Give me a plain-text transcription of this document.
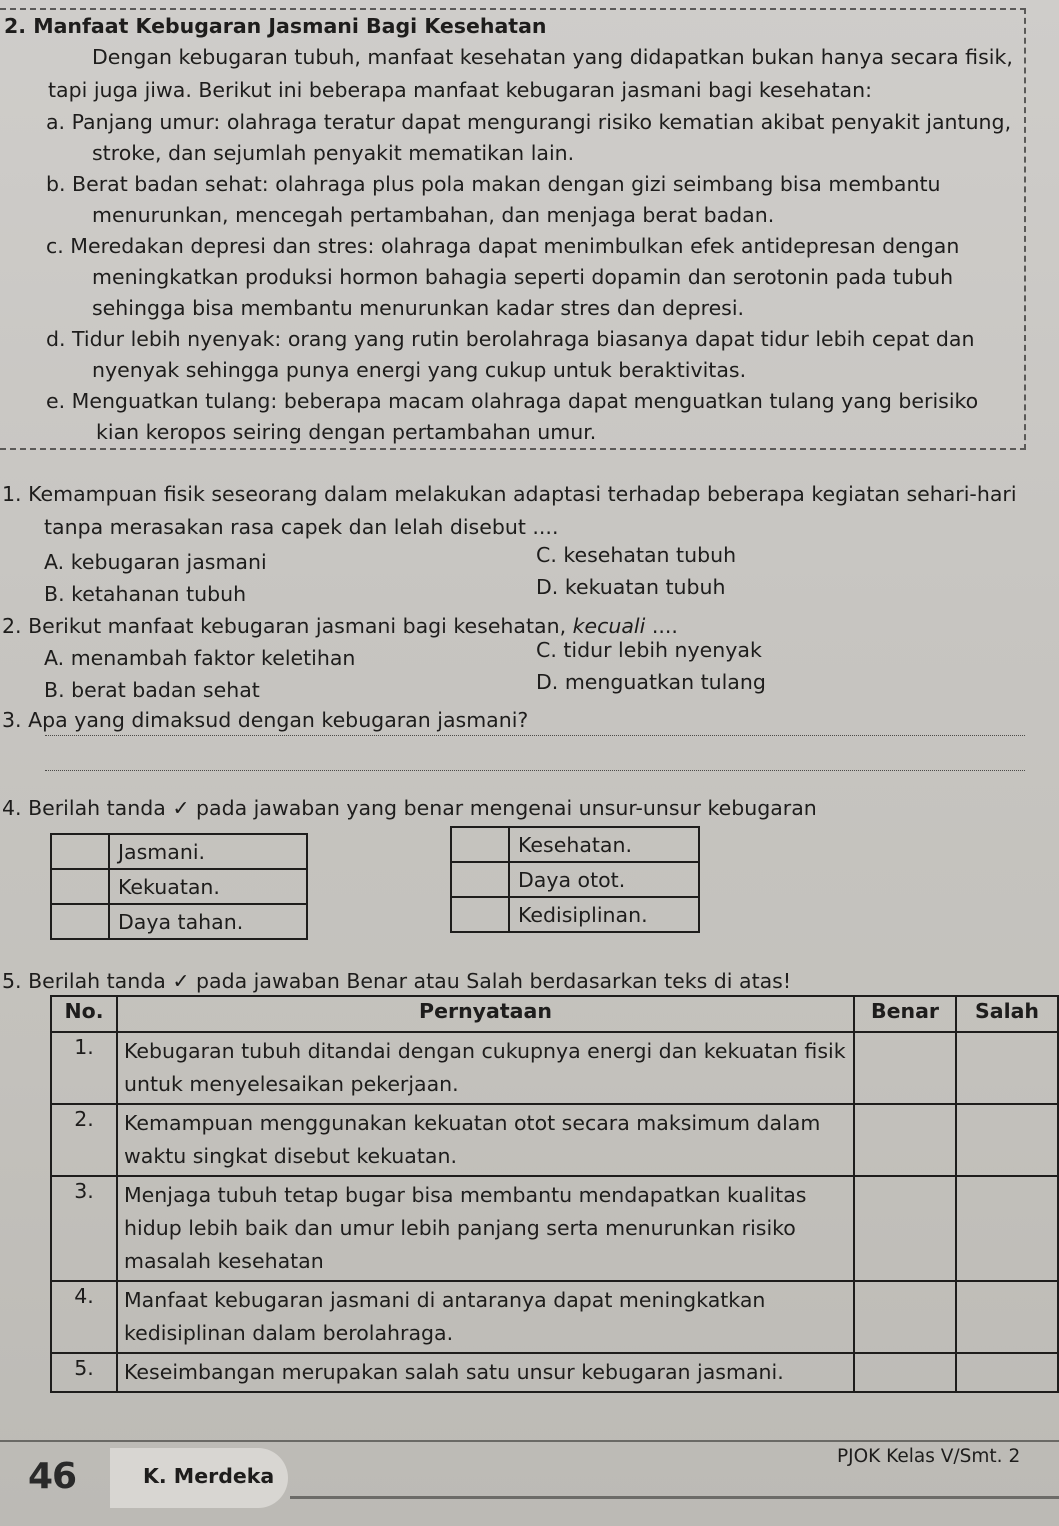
2. Manfaat Kebugaran Jasmani Bagi Kesehatan
Dengan kebugaran tubuh, manfaat kesehatan yang didapatkan bukan hanya secara fisik,
tapi juga jiwa. Berikut ini beberapa manfaat kebugaran jasmani bagi kesehatan:
a. Panjang umur: olahraga teratur dapat mengurangi risiko kematian akibat penyakit jantung,
stroke, dan sejumlah penyakit mematikan lain.
b. Berat badan sehat: olahraga plus pola makan dengan gizi seimbang bisa membantu
menurunkan, mencegah pertambahan, dan menjaga berat badan.
c. Meredakan depresi dan stres: olahraga dapat menimbulkan efek antidepresan dengan
meningkatkan produksi hormon bahagia seperti dopamin dan serotonin pada tubuh
sehingga bisa membantu menurunkan kadar stres dan depresi.
d. Tidur lebih nyenyak: orang yang rutin berolahraga biasanya dapat tidur lebih cepat dan
nyenyak sehingga punya energi yang cukup untuk beraktivitas.
e. Menguatkan tulang: beberapa macam olahraga dapat menguatkan tulang yang berisiko
kian keropos seiring dengan pertambahan umur.
1. Kemampuan fisik seseorang dalam melakukan adaptasi terhadap beberapa kegiatan sehari-hari
tanpa merasakan rasa capek dan lelah disebut ....
A. kebugaran jasmani
B. ketahanan tubuh
C. kesehatan tubuh
D. kekuatan tubuh
2. Berikut manfaat kebugaran jasmani bagi kesehatan, kecuali ....
A. menambah faktor keletihan
B. berat badan sehat
C. tidur lebih nyenyak
D. menguatkan tulang
3. Apa yang dimaksud dengan kebugaran jasmani?
4. Berilah tanda ✓ pada jawaban yang benar mengenai unsur-unsur kebugaran
	Jasmani.
	Kekuatan.
	Daya tahan.
	Kesehatan.
	Daya otot.
	Kedisiplinan.
5. Berilah tanda ✓ pada jawaban Benar atau Salah berdasarkan teks di atas!
No.	Pernyataan	Benar	Salah
1.	Kebugaran tubuh ditandai dengan cukupnya energi dan kekuatan fisik untuk menyelesaikan pekerjaan.		
2.	Kemampuan menggunakan kekuatan otot secara maksimum dalam waktu singkat disebut kekuatan.		
3.	Menjaga tubuh tetap bugar bisa membantu mendapatkan kualitas hidup lebih baik dan umur lebih panjang serta menurunkan risiko masalah kesehatan		
4.	Manfaat kebugaran jasmani di antaranya dapat meningkatkan kedisiplinan dalam berolahraga.		
5.	Keseimbangan merupakan salah satu unsur kebugaran jasmani.		
46	K. Merdeka
PJOK Kelas V/Smt. 2
